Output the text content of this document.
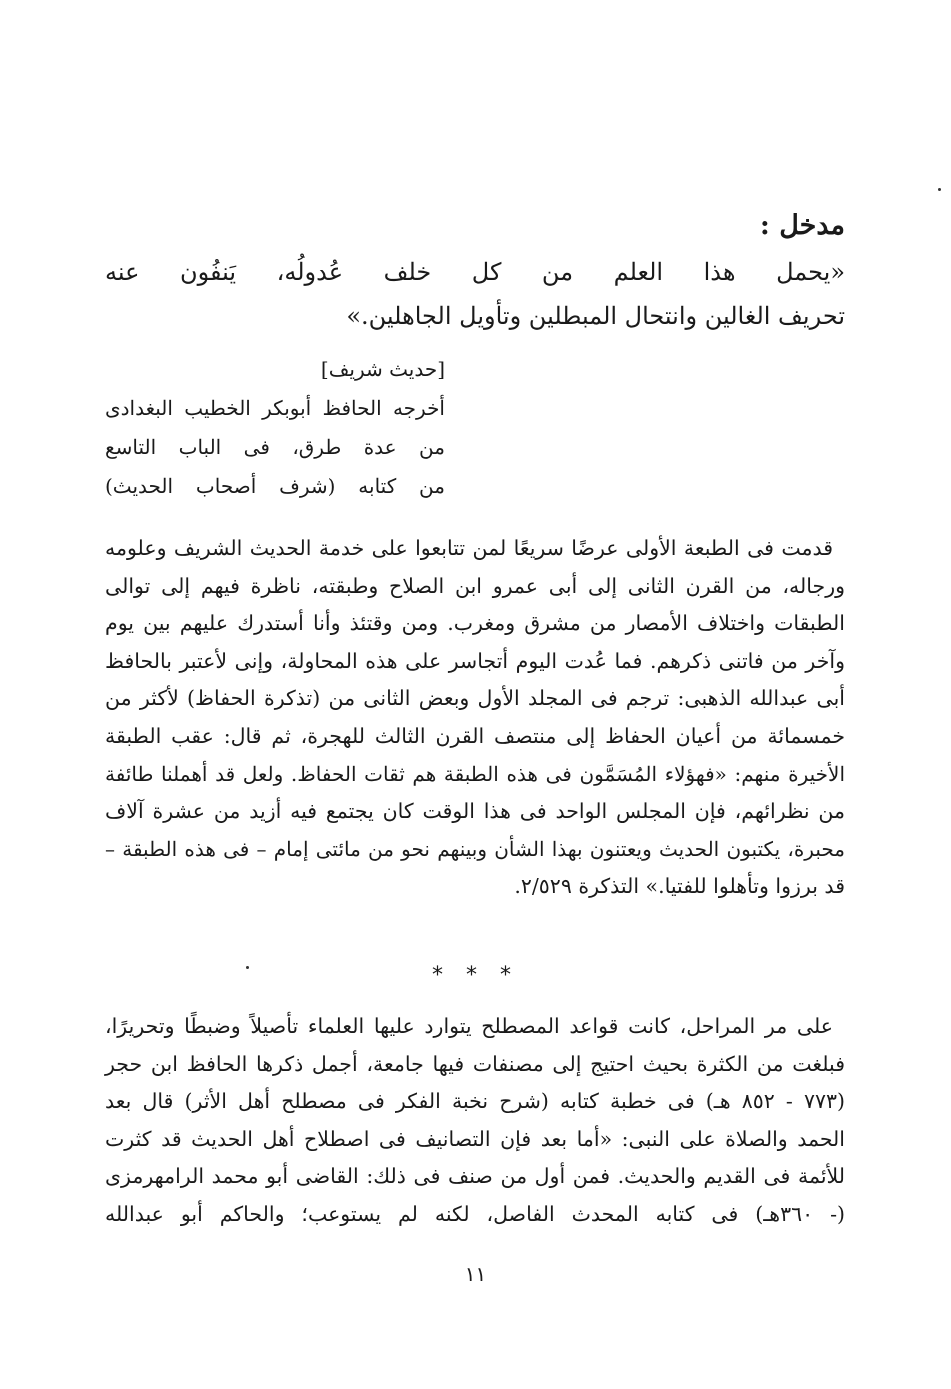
مدخل :
«يحمل هذا العلم من كل خلف عُدولُه، يَنفُون عنه
تحريف الغالين وانتحال المبطلين وتأويل الجاهلين.»
[حديث شريف]
أخرجه الحافظ أبوبكر الخطيب البغدادى
من عدة طرق، فى الباب التاسع
من كتابه (شرف أصحاب الحديث)
قدمت فى الطبعة الأولى عرضًا سريعًا لمن تتابعوا على خدمة الحديث الشريف وعلومه
ورجاله، من القرن الثانى إلى أبى عمرو ابن الصلاح وطبقته، ناظرة فيهم إلى توالى
الطبقات واختلاف الأمصار من مشرق ومغرب. ومن وقتئذ وأنا أستدرك عليهم بين يوم
وآخر من فاتنى ذكرهم. فما عُدت اليوم أتجاسر على هذه المحاولة، وإنى لأعتبر بالحافظ
أبى عبدالله الذهبى: ترجم فى المجلد الأول وبعض الثانى من (تذكرة الحفاظ) لأكثر من
خمسمائة من أعيان الحفاظ إلى منتصف القرن الثالث للهجرة، ثم قال: عقب الطبقة
الأخيرة منهم: «فهؤلاء المُسَمَّون فى هذه الطبقة هم ثقات الحفاظ. ولعل قد أهملنا طائفة
من نظرائهم، فإن المجلس الواحد فى هذا الوقت كان يجتمع فيه أزيد من عشرة آلاف
محبرة، يكتبون الحديث ويعتنون بهذا الشأن وبينهم نحو من مائتى إمام – فى هذه الطبقة –
قد برزوا وتأهلوا للفتيا.» التذكرة ٢/٥٢٩.
* * *
على مر المراحل، كانت قواعد المصطلح يتوارد عليها العلماء تأصيلاً وضبطًا وتحريرًا،
فبلغت من الكثرة بحيث احتيج إلى مصنفات فيها جامعة، أجمل ذكرها الحافظ ابن حجر
(٧٧٣ - ٨٥٢ هـ) فى خطبة كتابه (شرح نخبة الفكر فى مصطلح أهل الأثر) قال بعد
الحمد والصلاة على النبى: «أما بعد فإن التصانيف فى اصطلاح أهل الحديث قد كثرت
للأئمة فى القديم والحديث. فمن أول من صنف فى ذلك: القاضى أبو محمد الرامهرمزى
(- ٣٦٠هـ) فى كتابه المحدث الفاصل، لكنه لم يستوعب؛ والحاكم أبو عبدالله
١١
